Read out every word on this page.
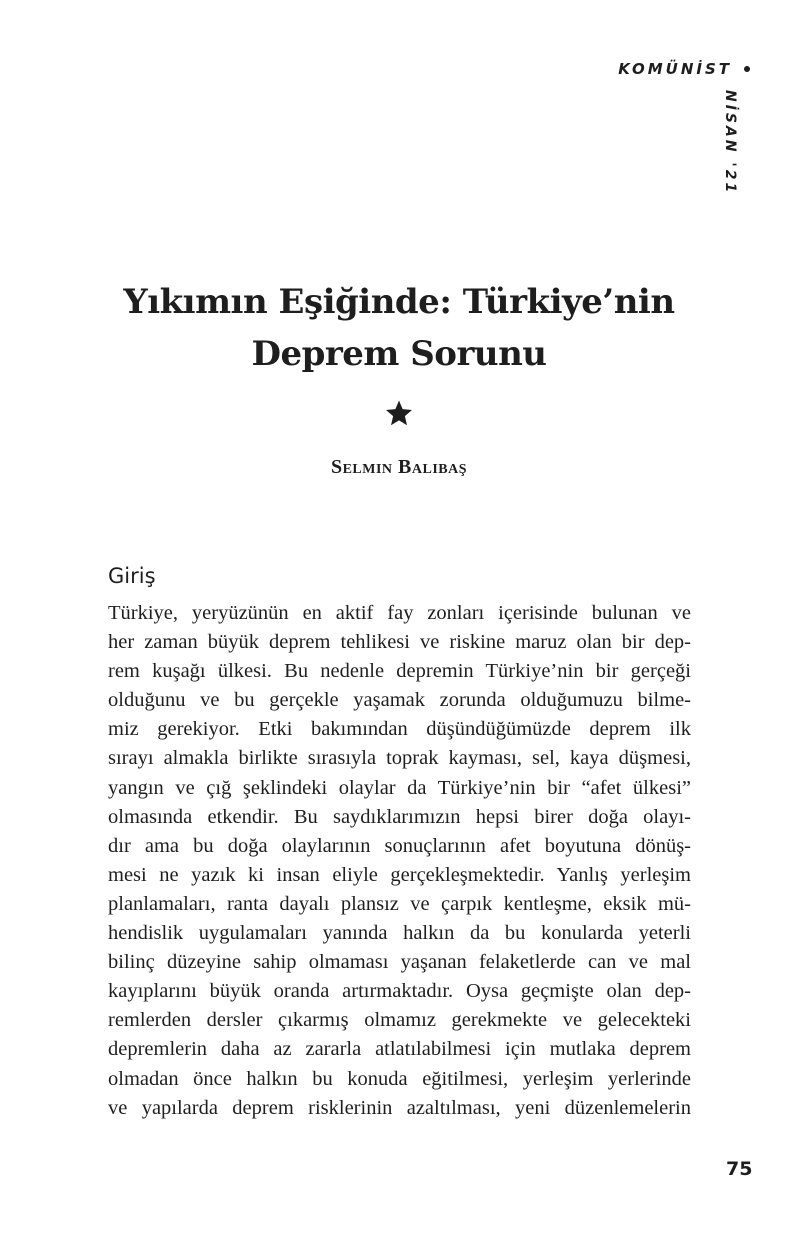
KOMÜNİST
NİSAN '21
Yıkımın Eşiğinde: Türkiye’nin
Deprem Sorunu
Selmin Balıbaş
Giriş
Türkiye, yeryüzünün en aktif fay zonları içerisinde bulunan ve
her zaman büyük deprem tehlikesi ve riskine maruz olan bir dep-
rem kuşağı ülkesi. Bu nedenle depremin Türkiye’nin bir gerçeği
olduğunu ve bu gerçekle yaşamak zorunda olduğumuzu bilme-
miz gerekiyor. Etki bakımından düşündüğümüzde deprem ilk
sırayı almakla birlikte sırasıyla toprak kayması, sel, kaya düşmesi,
yangın ve çığ şeklindeki olaylar da Türkiye’nin bir “afet ülkesi”
olmasında etkendir. Bu saydıklarımızın hepsi birer doğa olayı-
dır ama bu doğa olaylarının sonuçlarının afet boyutuna dönüş-
mesi ne yazık ki insan eliyle gerçekleşmektedir. Yanlış yerleşim
planlamaları, ranta dayalı plansız ve çarpık kentleşme, eksik mü-
hendislik uygulamaları yanında halkın da bu konularda yeterli
bilinç düzeyine sahip olmaması yaşanan felaketlerde can ve mal
kayıplarını büyük oranda artırmaktadır. Oysa geçmişte olan dep-
remlerden dersler çıkarmış olmamız gerekmekte ve gelecekteki
depremlerin daha az zararla atlatılabilmesi için mutlaka deprem
olmadan önce halkın bu konuda eğitilmesi, yerleşim yerlerinde
ve yapılarda deprem risklerinin azaltılması, yeni düzenlemelerin
75
